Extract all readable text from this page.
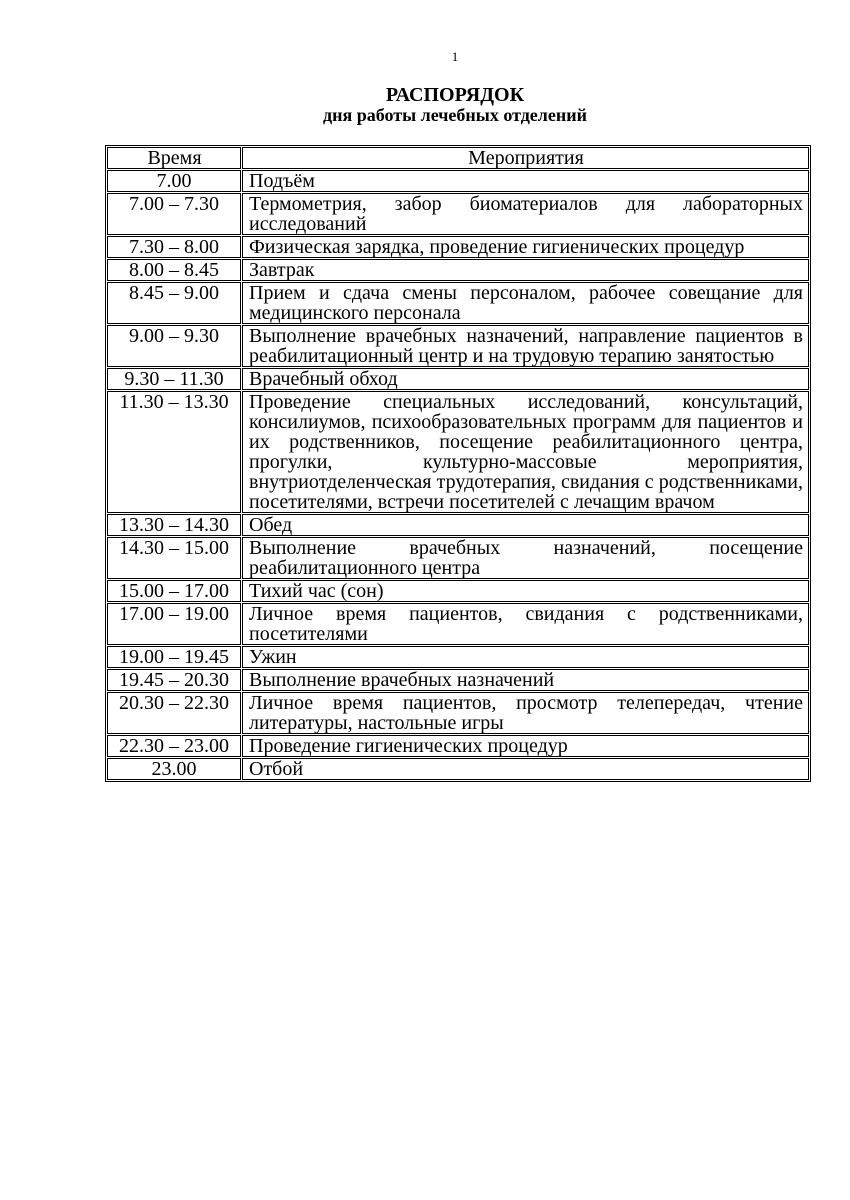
1
РАСПОРЯДОК
дня работы лечебных отделений
Время	Мероприятия
7.00	Подъём
7.00 – 7.30	Термометрия, забор биоматериалов для лабораторных исследований
7.30 – 8.00	Физическая зарядка, проведение гигиенических процедур
8.00 – 8.45	Завтрак
8.45 – 9.00	Прием и сдача смены персоналом, рабочее совещание для медицинского персонала
9.00 – 9.30	Выполнение врачебных назначений, направление пациентов в реабилитационный центр и на трудовую терапию занятостью
9.30 – 11.30	Врачебный обход
11.30 – 13.30	Проведение специальных исследований, консультаций, консилиумов, психообразовательных программ для пациентов и их родственников, посещение реабилитационного центра, прогулки, культурно-массовые мероприятия, внутриотделенческая трудотерапия, свидания с родственниками, посетителями, встречи посетителей с лечащим врачом
13.30 – 14.30	Обед
14.30 – 15.00	Выполнение врачебных назначений, посещение реабилитационного центра
15.00 – 17.00	Тихий час (сон)
17.00 – 19.00	Личное время пациентов, свидания с родственниками, посетителями
19.00 – 19.45	Ужин
19.45 – 20.30	Выполнение врачебных назначений
20.30 – 22.30	Личное время пациентов, просмотр телепередач, чтение литературы, настольные игры
22.30 – 23.00	Проведение гигиенических процедур
23.00	Отбой
